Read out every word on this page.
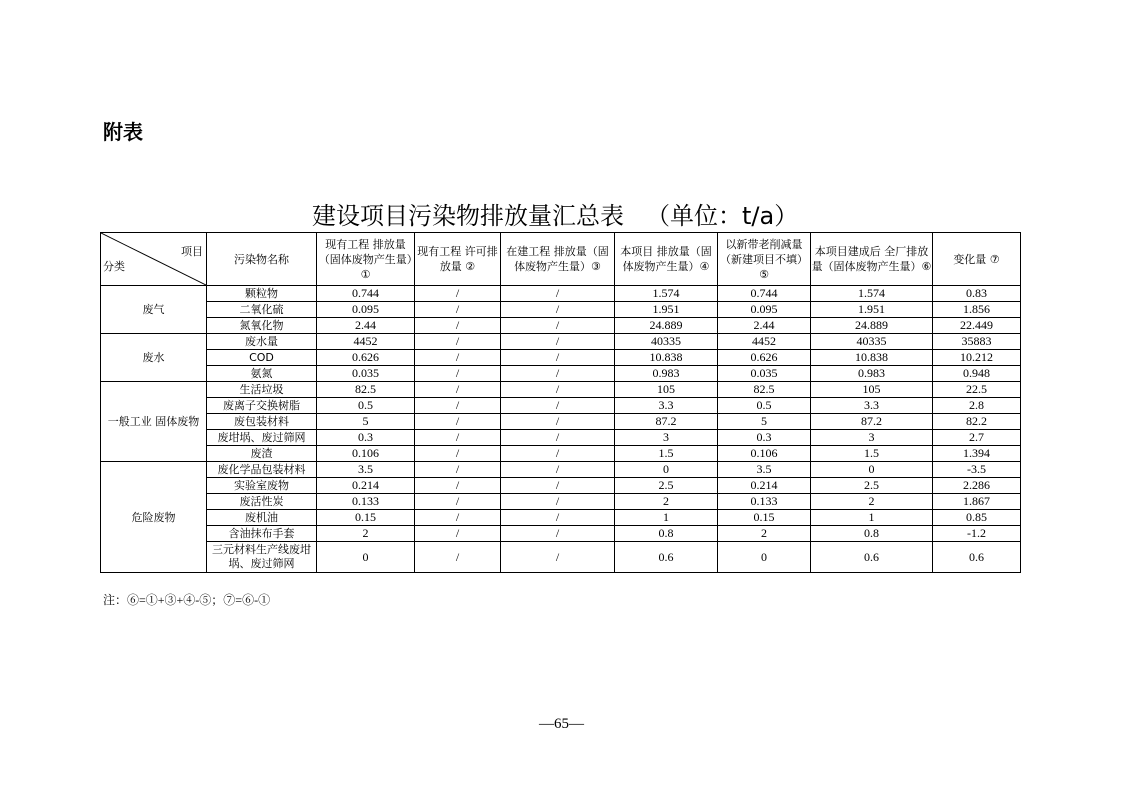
附表
建设项目污染物排放量汇总表 （单位：t/a）
项目
分类	污染物名称	现有工程 排放量（固体废物产生量）①	现有工程 许可排放量 ②	在建工程 排放量（固体废物产生量）③	本项目 排放量（固体废物产生量）④	以新带老削减量 （新建项目不填）⑤	本项目建成后 全厂排放量（固体废物产生量）⑥	变化量 ⑦
废气	颗粒物	0.744	/	/	1.574	0.744	1.574	0.83
	二氧化硫	0.095	/	/	1.951	0.095	1.951	1.856
	氮氧化物	2.44	/	/	24.889	2.44	24.889	22.449
废水	废水量	4452	/	/	40335	4452	40335	35883
	COD	0.626	/	/	10.838	0.626	10.838	10.212
	氨氮	0.035	/	/	0.983	0.035	0.983	0.948
一般工业 固体废物	生活垃圾	82.5	/	/	105	82.5	105	22.5
	废离子交换树脂	0.5	/	/	3.3	0.5	3.3	2.8
	废包装材料	5	/	/	87.2	5	87.2	82.2
	废坩埚、废过筛网	0.3	/	/	3	0.3	3	2.7
	废渣	0.106	/	/	1.5	0.106	1.5	1.394
危险废物	废化学品包装材料	3.5	/	/	0	3.5	0	-3.5
	实验室废物	0.214	/	/	2.5	0.214	2.5	2.286
	废活性炭	0.133	/	/	2	0.133	2	1.867
	废机油	0.15	/	/	1	0.15	1	0.85
	含油抹布手套	2	/	/	0.8	2	0.8	-1.2
	三元材料生产线废坩埚、废过筛网	0	/	/	0.6	0	0.6	0.6
注：⑥=①+③+④-⑤；⑦=⑥-①
—65—
